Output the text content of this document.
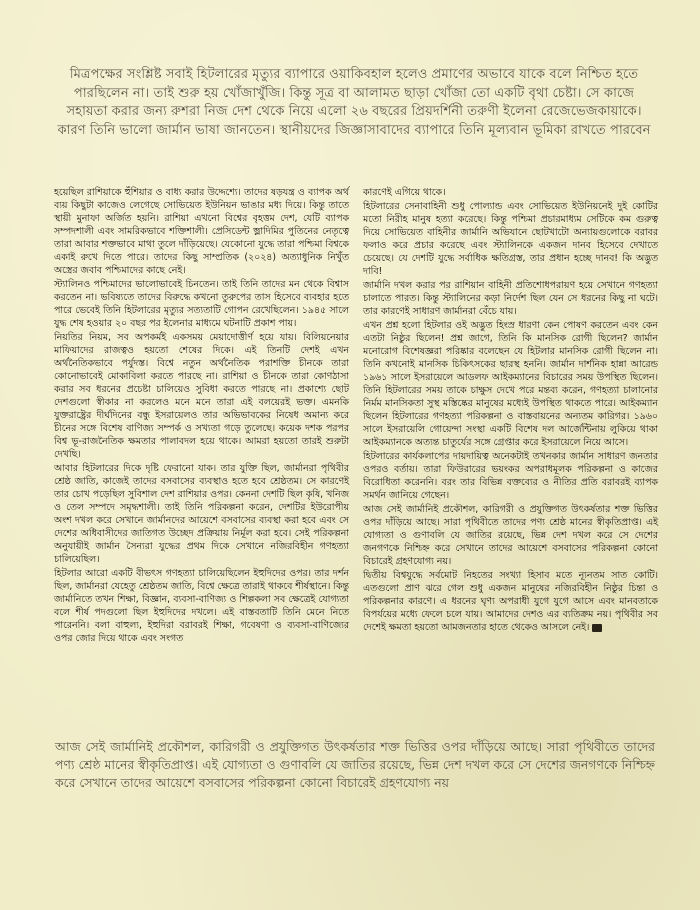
মিত্রপক্ষের সংশ্লিষ্ট সবাই হিটলারের মৃত্যুর ব্যাপারে ওয়াকিবহাল হলেও প্রমাণের অভাবে যাকে বলে নিশ্চিত হতে পারছিলেন না। তাই শুরু হয় খোঁজাখুঁজি। কিন্তু সূত্র বা আলামত ছাড়া খোঁজা তো একটি বৃথা চেষ্টা। সে কাজে সহায়তা করার জন্য রুশরা নিজ দেশ থেকে নিয়ে এলো ২৬ বছরের প্রিয়দর্শিনী তরুণী ইলেনা রেজেভেজকায়াকে। কারণ তিনি ভালো জার্মান ভাষা জানতেন। স্থানীয়দের জিজ্ঞাসাবাদের ব্যাপারে তিনি মূল্যবান ভূমিকা রাখতে পারবেন

হয়েছিল রাশিয়াকে হুঁশিয়ার ও বাধ্য করার উদ্দেশ্যে। তাদের ষড়যন্ত্র ও ব্যাপক অর্থ ব্যয় কিছুটা কাজেও লেগেছে সোভিয়েত ইউনিয়ন ভাঙার মধ্য দিয়ে। কিন্তু তাতে স্থায়ী মুনাফা অর্জিত হয়নি। রাশিয়া এখনো বিশ্বের বৃহত্তম দেশ, যেটি ব্যাপক সম্পদশালী এবং সামরিকভাবে শক্তিশালী। প্রেসিডেন্ট ভ্লাদিমির পুতিনের নেতৃত্বে তারা আবার শক্তভাবে মাথা তুলে দাঁড়িয়েছে। যেকোনো যুদ্ধে তারা পশ্চিমা বিশ্বকে একাই রুখে দিতে পারে। তাদের কিছু সাম্প্রতিক (২০২৪) অত্যাধুনিক নিখুঁত অস্ত্রের জবাব পশ্চিমাদের কাছে নেই।

স্ট্যালিনও পশ্চিমাদের ভালোভাবেই চিনতেন। তাই তিনি তাদের মন থেকে বিশ্বাস করতেন না। ভবিষ্যতে তাদের বিরুদ্ধে কখনো তুরুপের তাস হিসেবে ব্যবহার হতে পারে ভেবেই তিনি হিটলারের মৃত্যুর সত্যতাটি গোপন রেখেছিলেন। ১৯৪৫ সালে যুদ্ধ শেষ হওয়ার ২০ বছর পর ইলেনার মাধ্যমে ঘটনাটি প্রকাশ পায়।

নিয়তির নিয়ম, সব অপকর্মই একসময় মেয়াদোত্তীর্ণ হয়ে যায়। বিলিয়নেয়ার মাফিয়াদের রাজত্বও হয়তো শেষের দিকে। এই তিনটি দেশই এখন অর্থনৈতিকভাবে পর্যুদস্ত। বিশ্বে নতুন অর্থনৈতিক পরাশক্তি চীনকে তারা কোনোভাবেই মোকাবিলা করতে পারছে না। রাশিয়া ও চীনকে তারা কোণঠাসা করার সব ধরনের প্রচেষ্টা চালিয়েও সুবিধা করতে পারছে না। প্রকাশ্যে ছোট দেশগুলো স্বীকার না করলেও মনে মনে তারা এই বলয়েরই ভক্ত। এমনকি যুক্তরাষ্ট্রের দীর্ঘদিনের বন্ধু ইসরায়েলও তার অভিভাবকের নিষেধ অমান্য করে চীনের সঙ্গে বিশেষ বাণিজ্য সম্পর্ক ও সখ্যতা গড়ে তুলেছে। কয়েক দশক পরপর বিশ্ব ভূ-রাজনৈতিক ক্ষমতার পালাবদল হয়ে থাকে। আমরা হয়তো তারই শুরুটা দেখছি।

আবার হিটলারের দিকে দৃষ্টি ফেরানো যাক। তার যুক্তি ছিল, জার্মানরা পৃথিবীর শ্রেষ্ঠ জাতি, কাজেই তাদের বসবাসের ব্যবস্থাও হতে হবে শ্রেষ্ঠতম। সে কারণেই তার চোখ পড়েছিল সুবিশাল দেশ রাশিয়ার ওপর। কেননা দেশটি ছিল কৃষি, খনিজ ও তেল সম্পদে সমৃদ্ধশালী। তাই তিনি পরিকল্পনা করেন, দেশটির ইউরোপীয় অংশ দখল করে সেখানে জার্মানদের আয়েশে বসবাসের ব্যবস্থা করা হবে এবং সে দেশের অধিবাসীদের জাতিগত উচ্ছেদ প্রক্রিয়ায় নির্মূল করা হবে। সেই পরিকল্পনা অনুযায়ীই জার্মান সৈন্যরা যুদ্ধের প্রথম দিকে সেখানে নজিরবিহীন গণহত্যা চালিয়েছিল।

হিটলার আরো একটি বীভৎস গণহত্যা চালিয়েছিলেন ইহুদিদের ওপর। তার দর্শন ছিল, জার্মানরা যেহেতু শ্রেষ্ঠতম জাতি, বিশ্বে ক্ষেত্রে তারাই থাকবে শীর্ষস্থানে। কিন্তু জার্মানিতে তখন শিক্ষা, বিজ্ঞান, ব্যবসা-বাণিজ্য ও শিল্পকলা সব ক্ষেত্রেই যোগ্যতা বলে শীর্ষ পদগুলো ছিল ইহুদিদের দখলে। এই বাস্তবতাটি তিনি মেনে নিতে পারেননি। বলা বাহুল্য, ইহুদিরা বরাবরই শিক্ষা, গবেষণা ও ব্যবসা-বাণিজ্যের ওপর জোর দিয়ে থাকে এবং সংগত

কারণেই এগিয়ে থাকে।

হিটলারের সেনাবাহিনী শুধু পোল্যান্ড এবং সোভিয়েত ইউনিয়নেই দুই কোটির মতো নিরীহ মানুষ হত্যা করেছে। কিন্তু পশ্চিমা প্রচারমাধ্যম সেটিকে কম গুরুত্ব দিয়ে সোভিয়েত বাহিনীর জার্মানি অভিযানে ছোটখাটো অন্যায়গুলোকে বরাবর ফলাও করে প্রচার করেছে এবং স্ট্যালিনকে একজন দানব হিসেবে দেখাতে চেয়েছে। যে দেশটি যুদ্ধে সর্বাধিক ক্ষতিগ্রস্ত, তার প্রধান হচ্ছে দানব! কি অদ্ভুত দাবি!

জার্মানি দখল করার পর রাশিয়ান বাহিনী প্রতিশোধপরায়ণ হয়ে সেখানে গণহত্যা চালাতে পারত। কিন্তু স্ট্যালিনের কড়া নির্দেশ ছিল যেন সে ধরনের কিছু না ঘটে। তার কারণেই সাধারণ জার্মানরা বেঁচে যায়।

এখন প্রশ্ন হলো হিটলার ওই অদ্ভুত হিংস্র ধারণা কেন পোষণ করতেন এবং কেন এতটা নিষ্ঠুর ছিলেন! প্রশ্ন জাগে, তিনি কি মানসিক রোগী ছিলেন? জার্মান মনোরোগ বিশেষজ্ঞরা পরিষ্কার বলেছেন যে হিটলার মানসিক রোগী ছিলেন না। তিনি কখনোই মানসিক চিকিৎসকের ছারস্থ হননি। জার্মান দার্শনিক হান্না আরেন্ড ১৯৬১ সালে ইসরায়েলে আডলফ আইকম্যানের বিচারের সময় উপস্থিত ছিলেন। তিনি হিটলারের সময় তাকে চাক্ষুস দেখে পরে মন্তব্য করেন, গণহত্যা চালানোর নির্মম মানসিকতা সুস্থ মস্তিষ্কের মানুষের মধ্যেই উপস্থিত থাকতে পারে। আইকম্যান ছিলেন হিটলারের গণহত্যা পরিকল্পনা ও বাস্তবায়নের অন্যতম কারিগর। ১৯৬০ সালে ইসরায়েলি গোয়েন্দা সংস্থা একটি বিশেষ দল আর্জেন্টিনায় লুকিয়ে থাকা আইকম্যানকে অত্যন্ত চাতুর্যের সঙ্গে গ্রেপ্তার করে ইসরায়েলে নিয়ে আসে।

হিটলারের কার্যকলাপের দায়দায়িত্ব অনেকটাই তখনকার জার্মান সাধারণ জনতার ওপরও বর্তায়। তারা ফিউরারের ভয়ংকর অপরাধমূলক পরিকল্পনা ও কাজের বিরোধিতা করেননি। বরং তার বিভিন্ন বক্তব্যের ও নীতির প্রতি বরাবরই ব্যাপক সমর্থন জানিয়ে গেছেন।

আজ সেই জার্মানিই প্রকৌশল, কারিগরী ও প্রযুক্তিগত উৎকর্ষতার শক্ত ভিত্তির ওপর দাঁড়িয়ে আছে। সারা পৃথিবীতে তাদের পণ্য শ্রেষ্ঠ মানের স্বীকৃতিপ্রাপ্ত। এই যোগ্যতা ও গুণাবলি যে জাতির রয়েছে, ভিন্ন দেশ দখল করে সে দেশের জনগণকে নিশ্চিহ্ন করে সেখানে তাদের আয়েশে বসবাসের পরিকল্পনা কোনো বিচারেই গ্রহণযোগ্য নয়।

দ্বিতীয় বিশ্বযুদ্ধে সর্বমোট নিহতের সংখ্যা হিসাব মতে ন্যূনতম সাত কোটি। এতগুলো প্রাণ ঝরে গেল শুধু একজন মানুষের নজিরবিহীন নিষ্ঠুর চিন্তা ও পরিকল্পনার কারণে। এ ধরনের ঘৃণ্য অপরাধী যুগে যুগে আসে এবং মানবতাকে বিপর্যয়ের মধ্যে ফেলে চলে যায়। আমাদের দেশও এর ব্যতিক্রম নয়। পৃথিবীর সব দেশেই ক্ষমতা হয়তো আমজনতার হাতে থেকেও আসলে নেই।

আজ সেই জার্মানিই প্রকৌশল, কারিগরী ও প্রযুক্তিগত উৎকর্ষতার শক্ত ভিত্তির ওপর দাঁড়িয়ে আছে। সারা পৃথিবীতে তাদের পণ্য শ্রেষ্ঠ মানের স্বীকৃতিপ্রাপ্ত। এই যোগ্যতা ও গুণাবলি যে জাতির রয়েছে, ভিন্ন দেশ দখল করে সে দেশের জনগণকে নিশ্চিহ্ন করে সেখানে তাদের আয়েশে বসবাসের পরিকল্পনা কোনো বিচারেই গ্রহণযোগ্য নয়
